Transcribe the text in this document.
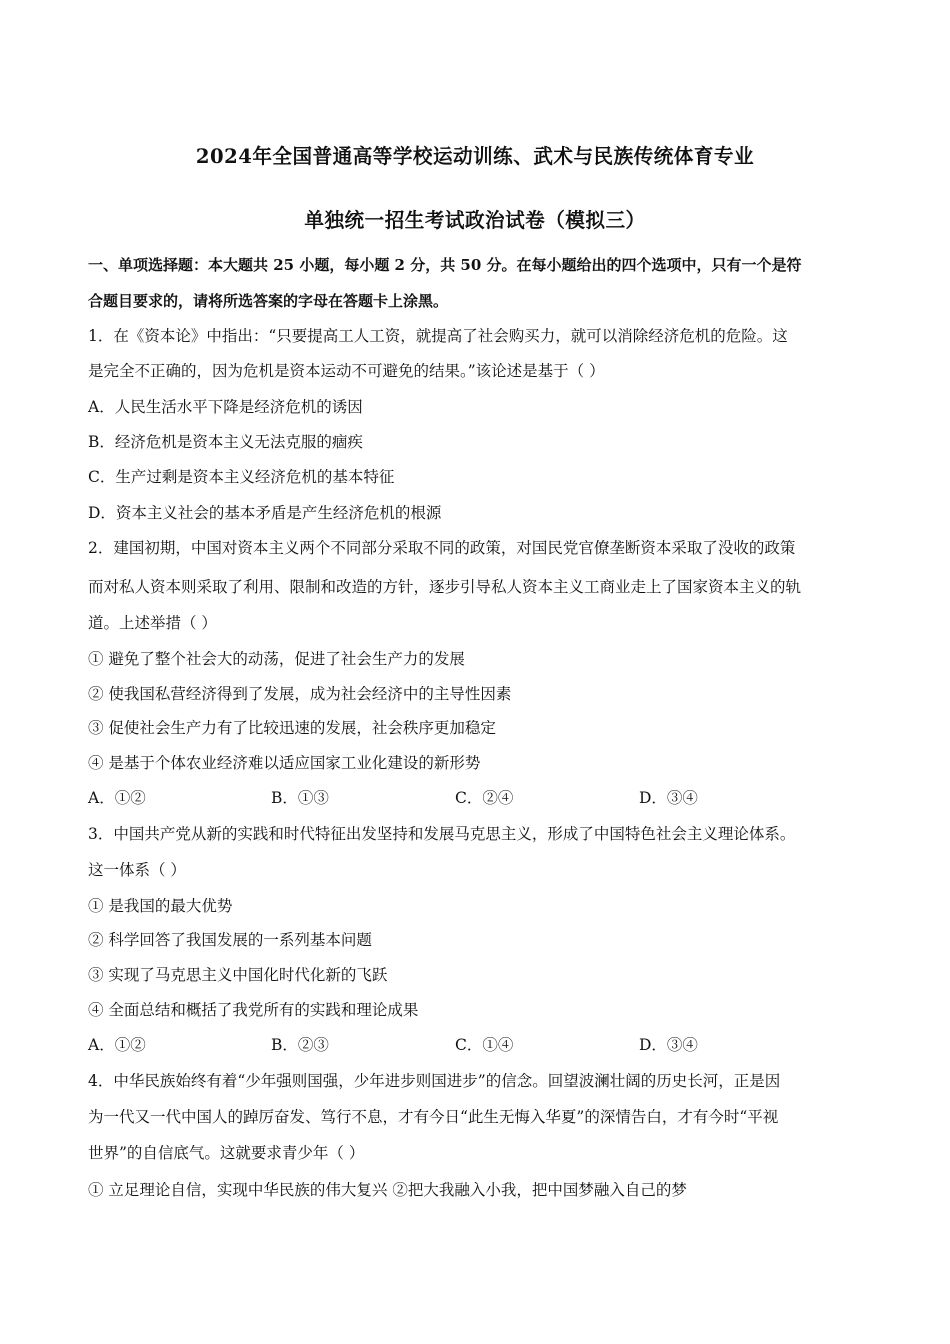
2024年全国普通高等学校运动训练、武术与民族传统体育专业
单独统一招生考试政治试卷（模拟三）
一、单项选择题：本大题共 25 小题，每小题 2 分，共 50 分。在每小题给出的四个选项中，只有一个是符
合题目要求的，请将所选答案的字母在答题卡上涂黑。
1．在《资本论》中指出：“只要提高工人工资，就提高了社会购买力，就可以消除经济危机的危险。这
是完全不正确的，因为危机是资本运动不可避免的结果。”该论述是基于（ ）
A．人民生活水平下降是经济危机的诱因
B．经济危机是资本主义无法克服的痼疾
C．生产过剩是资本主义经济危机的基本特征
D．资本主义社会的基本矛盾是产生经济危机的根源
2．建国初期，中国对资本主义两个不同部分采取不同的政策，对国民党官僚垄断资本采取了没收的政策
而对私人资本则采取了利用、限制和改造的方针，逐步引导私人资本主义工商业走上了国家资本主义的轨
道。上述举措（ ）
① 避免了整个社会大的动荡，促进了社会生产力的发展
② 使我国私营经济得到了发展，成为社会经济中的主导性因素
③ 促使社会生产力有了比较迅速的发展，社会秩序更加稳定
④ 是基于个体农业经济难以适应国家工业化建设的新形势
A．①②	B．①③	C．②④	D．③④
3．中国共产党从新的实践和时代特征出发坚持和发展马克思主义，形成了中国特色社会主义理论体系。
这一体系（ ）
① 是我国的最大优势
② 科学回答了我国发展的一系列基本问题
③ 实现了马克思主义中国化时代化新的飞跃
④ 全面总结和概括了我党所有的实践和理论成果
A．①②	B．②③	C．①④	D．③④
4．中华民族始终有着“少年强则国强，少年进步则国进步”的信念。回望波澜壮阔的历史长河，正是因
为一代又一代中国人的踔厉奋发、笃行不息，才有今日“此生无悔入华夏”的深情告白，才有今时“平视
世界”的自信底气。这就要求青少年（ ）
① 立足理论自信，实现中华民族的伟大复兴 ②把大我融入小我，把中国梦融入自己的梦
